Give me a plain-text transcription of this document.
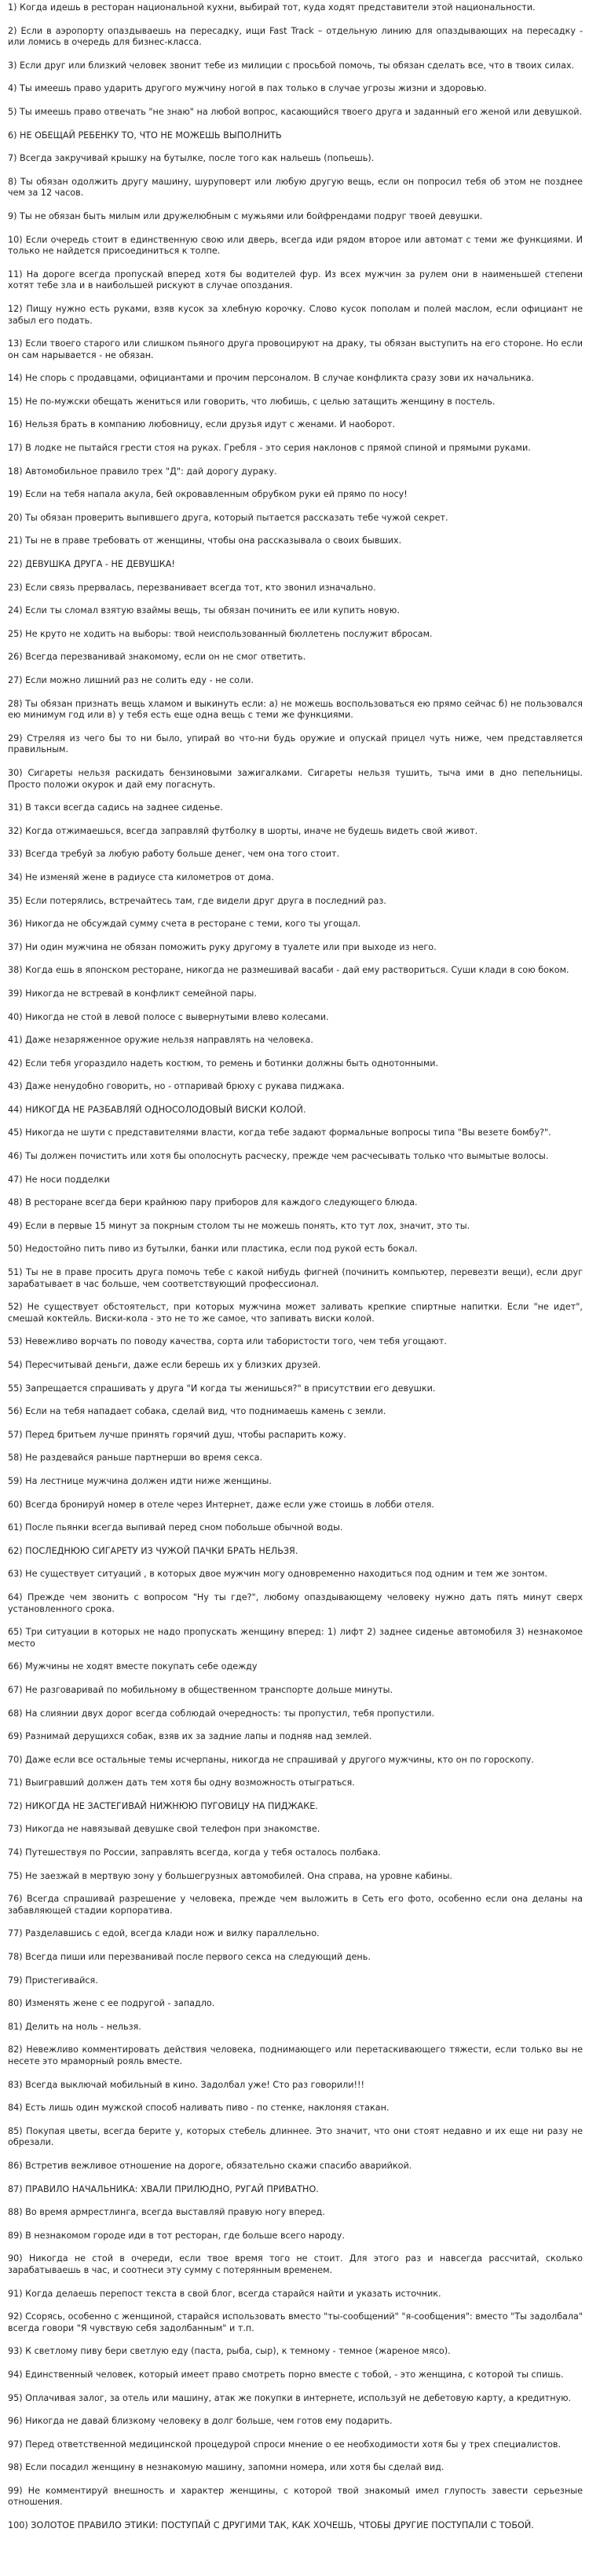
1) Когда идешь в ресторан национальной кухни, выбирай тот, куда ходят представители этой национальности.
2) Если в аэропорту опаздываешь на пересадку, ищи Fast Track – отдельную линию для опаздывающих на пересадку - или ломись в очередь для бизнес-класса.
3) Если друг или близкий человек звонит тебе из милиции с просьбой помочь, ты обязан сделать все, что в твоих силах.
4) Ты имеешь право ударить другого мужчину ногой в пах только в случае угрозы жизни и здоровью.
5) Ты имеешь право отвечать "не знаю" на любой вопрос, касающийся твоего друга и заданный его женой или девушкой.
6) НЕ ОБЕЩАЙ РЕБЕНКУ ТО, ЧТО НЕ МОЖЕШЬ ВЫПОЛНИТЬ
7) Всегда закручивай крышку на бутылке, после того как нальешь (попьешь).
8) Ты обязан одолжить другу машину, шуруповерт или любую другую вещь, если он попросил тебя об этом не позднее чем за 12 часов.
9) Ты не обязан быть милым или дружелюбным с мужьями или бойфрендами подруг твоей девушки.
10) Если очередь стоит в единственную свою или дверь, всегда иди рядом второе или автомат с теми же функциями. И только не найдется присоединиться к толпе.
11) На дороге всегда пропускай вперед хотя бы водителей фур. Из всех мужчин за рулем они в наименьшей степени хотят тебе зла и в наибольшей рискуют в случае опоздания.
12) Пищу нужно есть руками, взяв кусок за хлебную корочку. Слово кусок пополам и полей маслом, если официант не забыл его подать.
13) Если твоего старого или слишком пьяного друга провоцируют на драку, ты обязан выступить на его стороне. Но если он сам нарывается - не обязан.
14) Не спорь с продавцами, официантами и прочим персоналом. В случае конфликта сразу зови их начальника.
15) Не по-мужски обещать жениться или говорить, что любишь, с целью затащить женщину в постель.
16) Нельзя брать в компанию любовницу, если друзья идут с женами. И наоборот.
17) В лодке не пытайся грести стоя на руках. Гребля - это серия наклонов с прямой спиной и прямыми руками.
18) Автомобильное правило трех "Д": дай дорогу дураку.
19) Если на тебя напала акула, бей окровавленным обрубком руки ей прямо по носу!
20) Ты обязан проверить выпившего друга, который пытается рассказать тебе чужой секрет.
21) Ты не в праве требовать от женщины, чтобы она рассказывала о своих бывших.
22) ДЕВУШКА ДРУГА - НЕ ДЕВУШКА!
23) Если связь прервалась, перезванивает всегда тот, кто звонил изначально.
24) Если ты сломал взятую взаймы вещь, ты обязан починить ее или купить новую.
25) Не круто не ходить на выборы: твой неиспользованный бюллетень послужит вбросам.
26) Всегда перезванивай знакомому, если он не смог ответить.
27) Если можно лишний раз не солить еду - не соли.
28) Ты обязан признать вещь хламом и выкинуть если: а) не можешь воспользоваться ею прямо сейчас б) не пользовался ею минимум год или в) у тебя есть еще одна вещь с теми же функциями.
29) Стреляя из чего бы то ни было, упирай во что-ни будь оружие и опускай прицел чуть ниже, чем представляется правильным.
30) Сигареты нельзя раскидать бензиновыми зажигалками. Сигареты нельзя тушить, тыча ими в дно пепельницы. Просто положи окурок и дай ему погаснуть.
31) В такси всегда садись на заднее сиденье.
32) Когда отжимаешься, всегда заправляй футболку в шорты, иначе не будешь видеть свой живот.
33) Всегда требуй за любую работу больше денег, чем она того стоит.
34) Не изменяй жене в радиусе ста километров от дома.
35) Если потерялись, встречайтесь там, где видели друг друга в последний раз.
36) Никогда не обсуждай сумму счета в ресторане с теми, кого ты угощал.
37) Ни один мужчина не обязан поможить руку другому в туалете или при выходе из него.
38) Когда ешь в японском ресторане, никогда не размешивай васаби - дай ему раствориться. Суши клади в сою боком.
39) Никогда не встревай в конфликт семейной пары.
40) Никогда не стой в левой полосе с вывернутыми влево колесами.
41) Даже незаряженное оружие нельзя направлять на человека.
42) Если тебя угораздило надеть костюм, то ремень и ботинки должны быть однотонными.
43) Даже ненудобно говорить, но - отпаривай брюху с рукава пиджака.
44) НИКОГДА НЕ РАЗБАВЛЯЙ ОДНОСОЛОДОВЫЙ ВИСКИ КОЛОЙ.
45) Никогда не шути с представителями власти, когда тебе задают формальные вопросы типа "Вы везете бомбу?".
46) Ты должен почистить или хотя бы ополоснуть расческу, прежде чем расчесывать только что вымытые волосы.
47) Не носи подделки
48) В ресторане всегда бери крайнюю пару приборов для каждого следующего блюда.
49) Если в первые 15 минут за покрным столом ты не можешь понять, кто тут лох, значит, это ты.
50) Недостойно пить пиво из бутылки, банки или пластика, если под рукой есть бокал.
51) Ты не в праве просить друга помочь тебе с какой нибудь фигней (починить компьютер, перевезти вещи), если друг зарабатывает в час больше, чем соответствующий профессионал.
52) Не существует обстоятельст, при которых мужчина может заливать крепкие спиртные напитки. Если "не идет", смешай коктейль. Виски-кола - это не то же самое, что запивать виски колой.
53) Невежливо ворчать по поводу качества, сорта или табористости того, чем тебя угощают.
54) Пересчитывай деньги, даже если берешь их у близких друзей.
55) Запрещается спрашивать у друга "И когда ты женишься?" в присутствии его девушки.
56) Если на тебя нападает собака, сделай вид, что поднимаешь камень с земли.
57) Перед бритьем лучше принять горячий душ, чтобы распарить кожу.
58) Не раздевайся раньше партнерши во время секса.
59) На лестнице мужчина должен идти ниже женщины.
60) Всегда бронируй номер в отеле через Интернет, даже если уже стоишь в лобби отеля.
61) После пьянки всегда выпивай перед сном побольше обычной воды.
62) ПОСЛЕДНЮЮ СИГАРЕТУ ИЗ ЧУЖОЙ ПАЧКИ БРАТЬ НЕЛЬЗЯ.
63) Не существует ситуаций , в которых двое мужчин могу одновременно находиться под одним и тем же зонтом.
64) Прежде чем звонить с вопросом "Ну ты где?", любому опаздывающему человеку нужно дать пять минут сверх установленного срока.
65) Три ситуации в которых не надо пропускать женщину вперед: 1) лифт 2) заднее сиденье автомобиля 3) незнакомое место
66) Мужчины не ходят вместе покупать себе одежду
67) Не разговаривай по мобильному в общественном транспорте дольше минуты.
68) На слиянии двух дорог всегда соблюдай очередность: ты пропустил, тебя пропустили.
69) Разнимай дерущихся собак, взяв их за задние лапы и подняв над землей.
70) Даже если все остальные темы исчерпаны, никогда не спрашивай у другого мужчины, кто он по гороскопу.
71) Выигравший должен дать тем хотя бы одну возможность отыграться.
72) НИКОГДА НЕ ЗАСТЕГИВАЙ НИЖНЮЮ ПУГОВИЦУ НА ПИДЖАКЕ.
73) Никогда не навязывай девушке свой телефон при знакомстве.
74) Путешествуя по России, заправлять всегда, когда у тебя осталось полбака.
75) Не заезжай в мертвую зону у большегрузных автомобилей. Она справа, на уровне кабины.
76) Всегда спрашивай разрешение у человека, прежде чем выложить в Сеть его фото, особенно если она деланы на забавляющей стадии корпоратива.
77) Разделавшись с едой, всегда клади нож и вилку параллельно.
78) Всегда пиши или перезванивай после первого секса на следующий день.
79) Пристегивайся.
80) Изменять жене с ее подругой - западло.
81) Делить на ноль - нельзя.
82) Невежливо комментировать действия человека, поднимающего или перетаскивающего тяжести, если только вы не несете это мраморный рояль вместе.
83) Всегда выключай мобильный в кино. Задолбал уже! Сто раз говорили!!!
84) Есть лишь один мужской способ наливать пиво - по стенке, наклоняя стакан.
85) Покупая цветы, всегда берите у, которых стебель длиннее. Это значит, что они стоят недавно и их еще ни разу не обрезали.
86) Встретив вежливое отношение на дороге, обязательно скажи спасибо аварийкой.
87) ПРАВИЛО НАЧАЛЬНИКА: ХВАЛИ ПРИЛЮДНО, РУГАЙ ПРИВАТНО.
88) Во время армрестлинга, всегда выставляй правую ногу вперед.
89) В незнакомом городе иди в тот ресторан, где больше всего народу.
90) Никогда не стой в очереди, если твое время того не стоит. Для этого раз и навсегда рассчитай, сколько зарабатываешь в час, и соотнеси эту сумму с потерянным временем.
91) Когда делаешь перепост текста в свой блог, всегда старайся найти и указать источник.
92) Ссорясь, особенно с женщиной, старайся использовать вместо "ты-сообщений" "я-сообщения": вместо "Ты задолбала" всегда говори "Я чувствую себя задолбанным" и т.п.
93) К светлому пиву бери светлую еду (паста, рыба, сыр), к темному - темное (жареное мясо).
94) Единственный человек, который имеет право смотреть порно вместе с тобой, - это женщина, с которой ты спишь.
95) Оплачивая залог, за отель или машину, атак же покупки в интернете, используй не дебетовую карту, а кредитную.
96) Никогда не давай близкому человеку в долг больше, чем готов ему подарить.
97) Перед ответственной медицинской процедурой спроси мнение о ее необходимости хотя бы у трех специалистов.
98) Если посадил женщину в незнакомую машину, запомни номера, или хотя бы сделай вид.
99) Не комментируй внешность и характер женщины, с которой твой знакомый имел глупость завести серьезные отношения.
100) ЗОЛОТОЕ ПРАВИЛО ЭТИКИ: ПОСТУПАЙ С ДРУГИМИ ТАК, КАК ХОЧЕШЬ, ЧТОБЫ ДРУГИЕ ПОСТУПАЛИ С ТОБОЙ.
